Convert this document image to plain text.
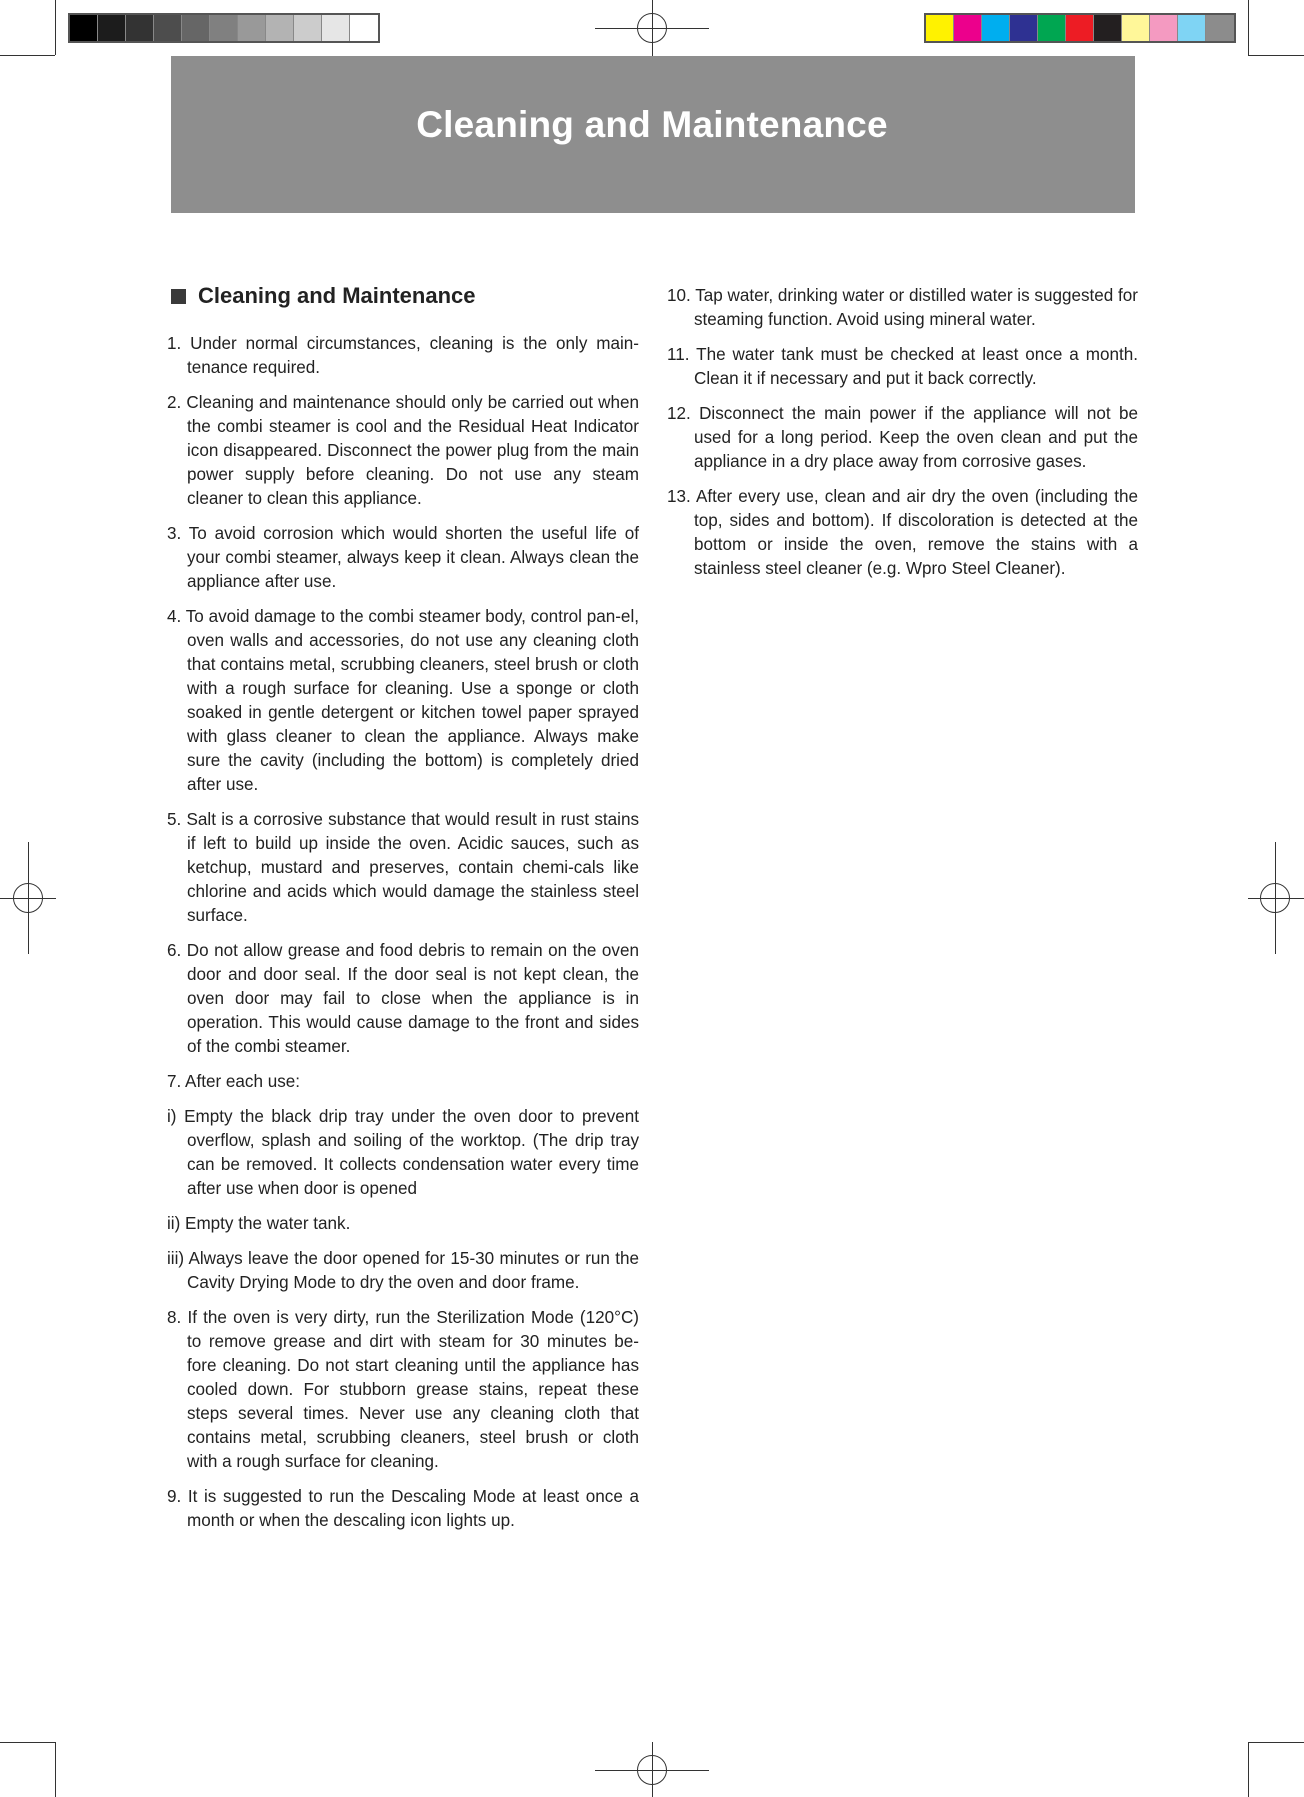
Cleaning and Maintenance
Cleaning and Maintenance

1. Under normal circumstances, cleaning is the only main-tenance required.

2. Cleaning and maintenance should only be carried out when the combi steamer is cool and the Residual Heat Indicator icon disappeared. Disconnect the power plug from the main power supply before cleaning. Do not use any steam cleaner to clean this appliance.

3. To avoid corrosion which would shorten the useful life of your combi steamer, always keep it clean. Always clean the appliance after use.

4. To avoid damage to the combi steamer body, control pan-el, oven walls and accessories, do not use any cleaning cloth that contains metal, scrubbing cleaners, steel brush or cloth with a rough surface for cleaning. Use a sponge or cloth soaked in gentle detergent or kitchen towel paper sprayed with glass cleaner to clean the appliance. Always make sure the cavity (including the bottom) is completely dried after use.

5. Salt is a corrosive substance that would result in rust stains if left to build up inside the oven. Acidic sauces, such as ketchup, mustard and preserves, contain chemi-cals like chlorine and acids which would damage the stainless steel surface.

6. Do not allow grease and food debris to remain on the oven door and door seal. If the door seal is not kept clean, the oven door may fail to close when the appliance is in operation. This would cause damage to the front and sides of the combi steamer.

7. After each use:

i) Empty the black drip tray under the oven door to prevent overflow, splash and soiling of the worktop. (The drip tray can be removed. It collects condensation water every time after use when door is opened

ii) Empty the water tank.

iii) Always leave the door opened for 15-30 minutes or run the Cavity Drying Mode to dry the oven and door frame.

8. If the oven is very dirty, run the Sterilization Mode (120°C) to remove grease and dirt with steam for 30 minutes be-fore cleaning. Do not start cleaning until the appliance has cooled down. For stubborn grease stains, repeat these steps several times. Never use any cleaning cloth that contains metal, scrubbing cleaners, steel brush or cloth with a rough surface for cleaning.

9. It is suggested to run the Descaling Mode at least once a month or when the descaling icon lights up.

10. Tap water, drinking water or distilled water is suggested for steaming function. Avoid using mineral water.

11. The water tank must be checked at least once a month. Clean it if necessary and put it back correctly.

12. Disconnect the main power if the appliance will not be used for a long period. Keep the oven clean and put the appliance in a dry place away from corrosive gases.

13. After every use, clean and air dry the oven (including the top, sides and bottom). If discoloration is detected at the bottom or inside the oven, remove the stains with a stainless steel cleaner (e.g. Wpro Steel Cleaner).
